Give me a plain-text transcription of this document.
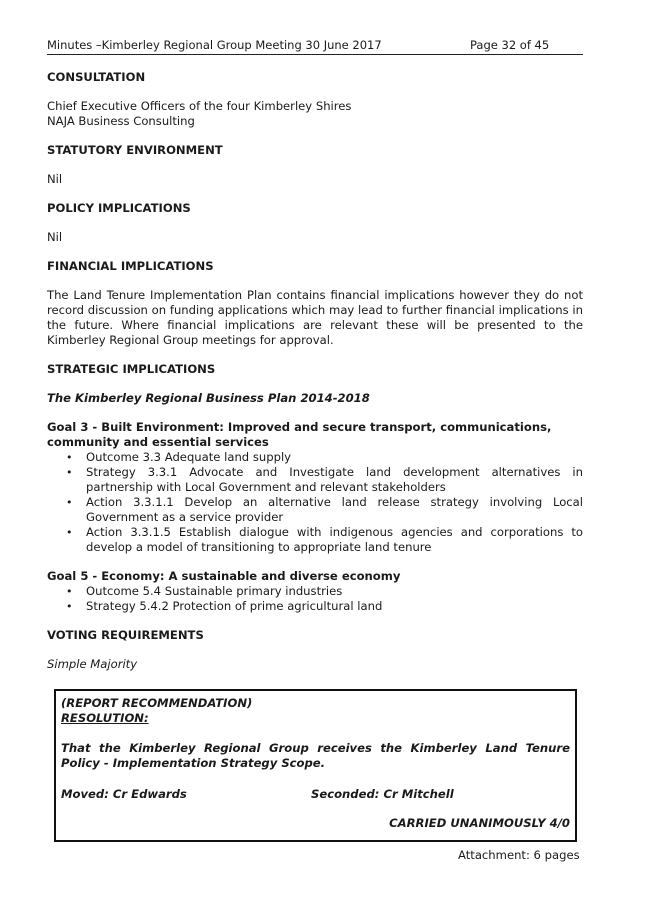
Minutes –Kimberley Regional Group Meeting 30 June 2017	Page 32 of 45

CONSULTATION

Chief Executive Officers of the four Kimberley Shires

NAJA Business Consulting

STATUTORY ENVIRONMENT

Nil

POLICY IMPLICATIONS

Nil

FINANCIAL IMPLICATIONS

The Land Tenure Implementation Plan contains financial implications however they do not record discussion on funding applications which may lead to further financial implications in the future. Where financial implications are relevant these will be presented to the Kimberley Regional Group meetings for approval.

STRATEGIC IMPLICATIONS

The Kimberley Regional Business Plan 2014-2018

Goal 3 - Built Environment: Improved and secure transport, communications, community and essential services

• Outcome 3.3 Adequate land supply
• Strategy 3.3.1 Advocate and Investigate land development alternatives in partnership with Local Government and relevant stakeholders
• Action 3.3.1.1 Develop an alternative land release strategy involving Local Government as a service provider
• Action 3.3.1.5 Establish dialogue with indigenous agencies and corporations to develop a model of transitioning to appropriate land tenure

Goal 5 - Economy: A sustainable and diverse economy

• Outcome 5.4 Sustainable primary industries
• Strategy 5.4.2 Protection of prime agricultural land

VOTING REQUIREMENTS

Simple Majority

(REPORT RECOMMENDATION)
RESOLUTION:
That the Kimberley Regional Group receives the Kimberley Land Tenure Policy - Implementation Strategy Scope.
Moved: Cr Edwards	Seconded: Cr Mitchell
CARRIED UNANIMOUSLY 4/0
Attachment: 6 pages
